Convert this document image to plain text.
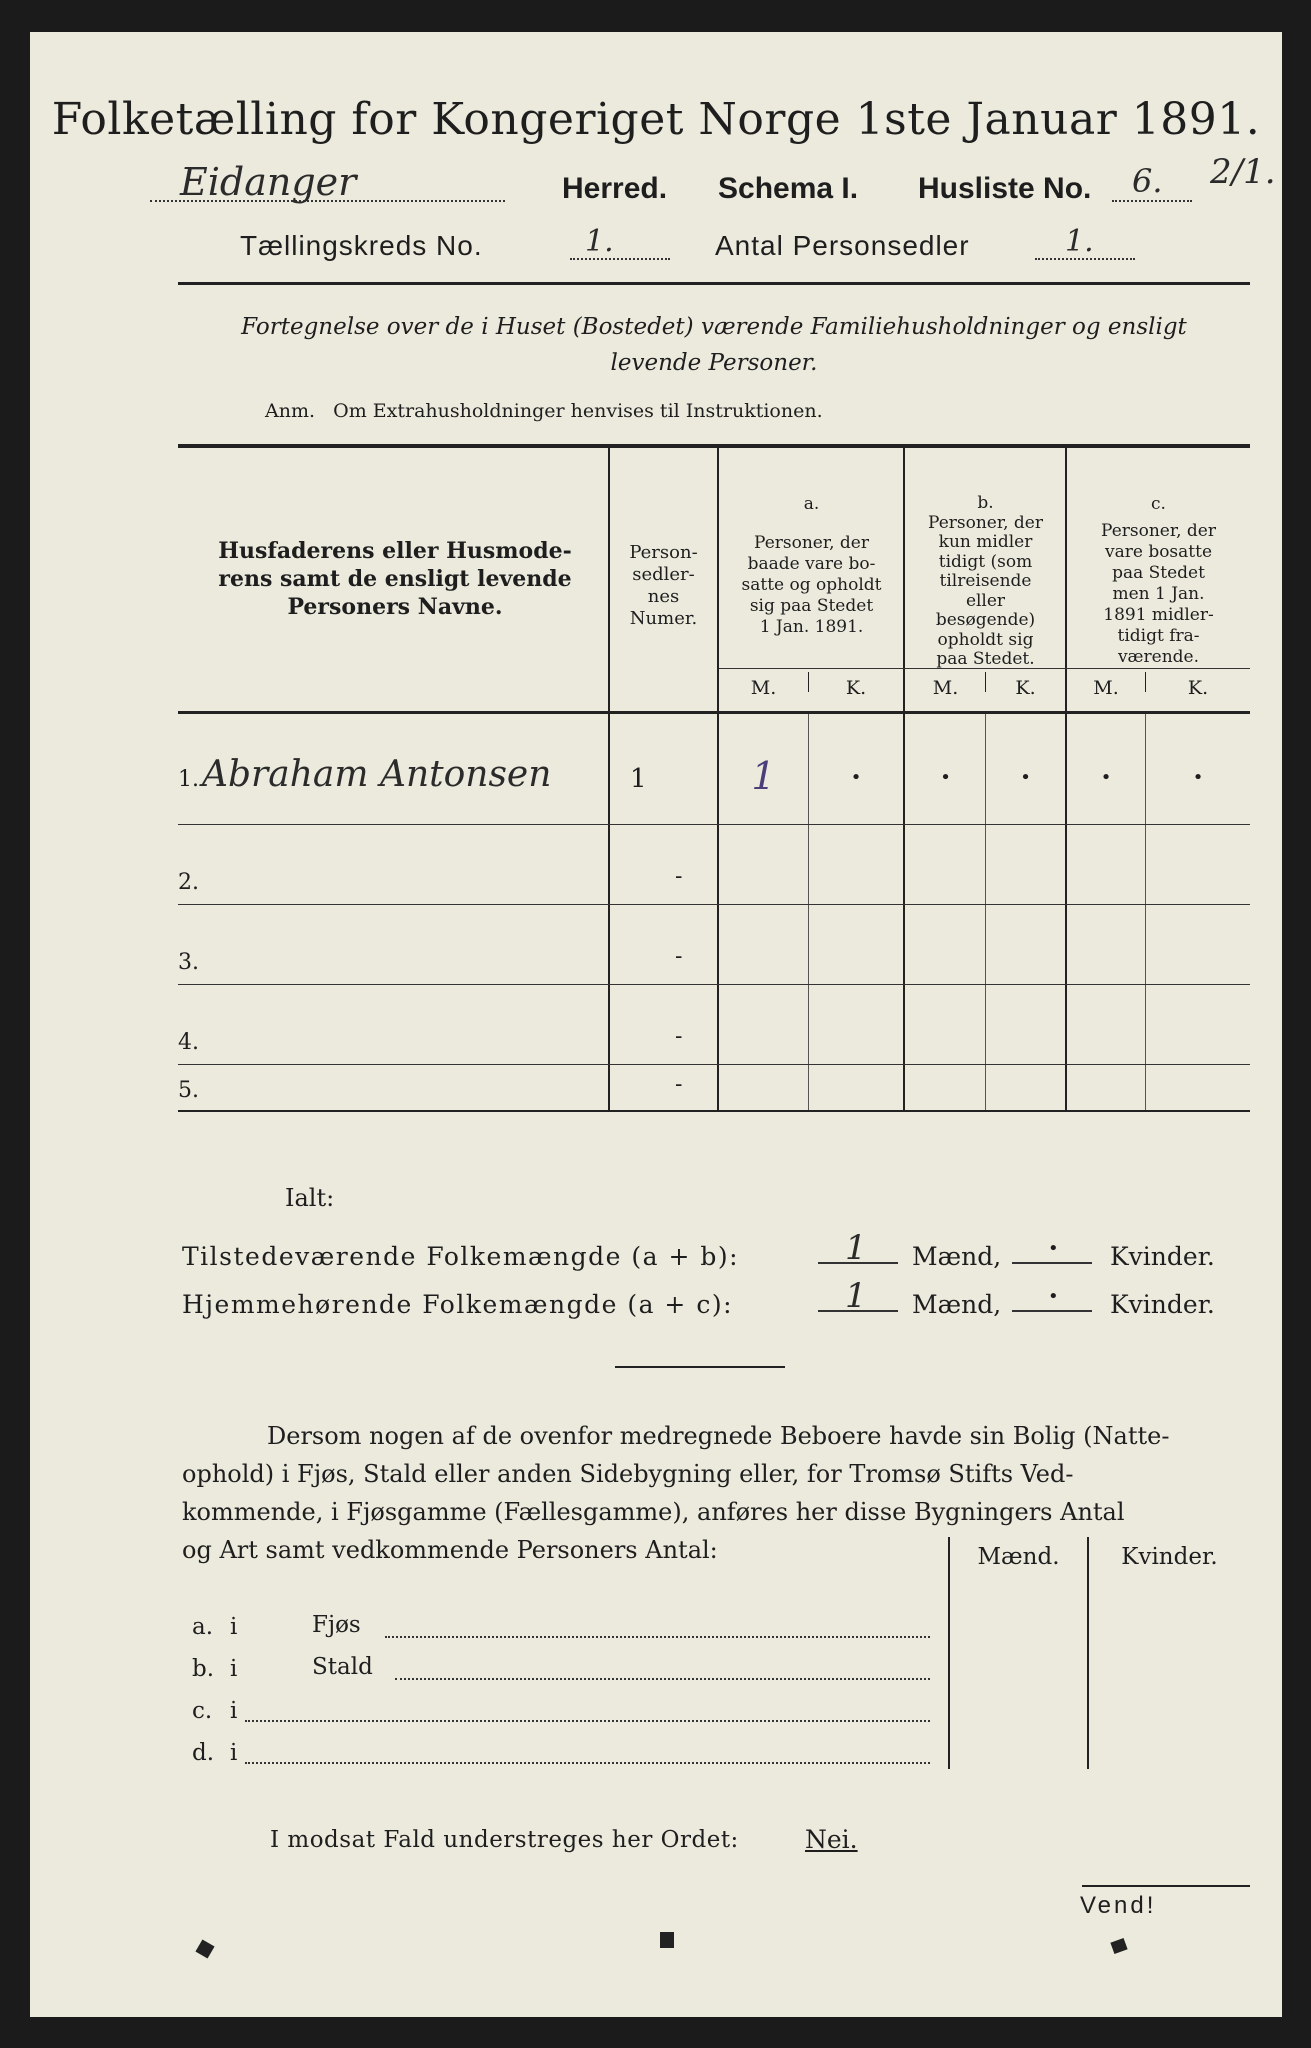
Folketælling for Kongeriget Norge 1ste Januar 1891.
Eidanger	Herred. Schema I. Husliste No. 6. 2/1.
Tællingskreds No.	1.	Antal Personsedler	1.
Fortegnelse over de i Huset (Bostedet) værende Familiehusholdninger og ensligt
levende Personer.
Anm.   Om Extrahusholdninger henvises til Instruktionen.
Husfaderens eller Husmode-
rens samt de ensligt levende
Personers Navne.
Person-
sedler-
nes
Numer.
a.
Personer, der
baade vare bo-
satte og opholdt
sig paa Stedet
1 Jan. 1891.
b.
Personer, der
kun midler
tidigt (som
tilreisende
eller
besøgende)
opholdt sig
paa Stedet.
c.
Personer, der
vare bosatte
paa Stedet
men 1 Jan.
1891 midler-
tidigt fra-
værende.
M.	K.	M.	K.	M.	K.
1. Abraham Antonsen	1	1	•	•	•	•	•
2.	-
3.	-
4.	-
5.	-
Ialt:
Tilstedeværende Folkemængde (a + b):	1 Mænd,	• Kvinder.
Hjemmehørende Folkemængde (a + c):	1 Mænd,	• Kvinder.
Dersom nogen af de ovenfor medregnede Beboere havde sin Bolig (Natte-
ophold) i Fjøs, Stald eller anden Sidebygning eller, for Tromsø Stifts Ved-
kommende, i Fjøsgamme (Fællesgamme), anføres her disse Bygningers Antal
og Art samt vedkommende Personers Antal:	Mænd.	Kvinder.
a. i	Fjøs
b. i	Stald
c. i
d. i
I modsat Fald understreges her Ordet:	Nei.
Vend!
